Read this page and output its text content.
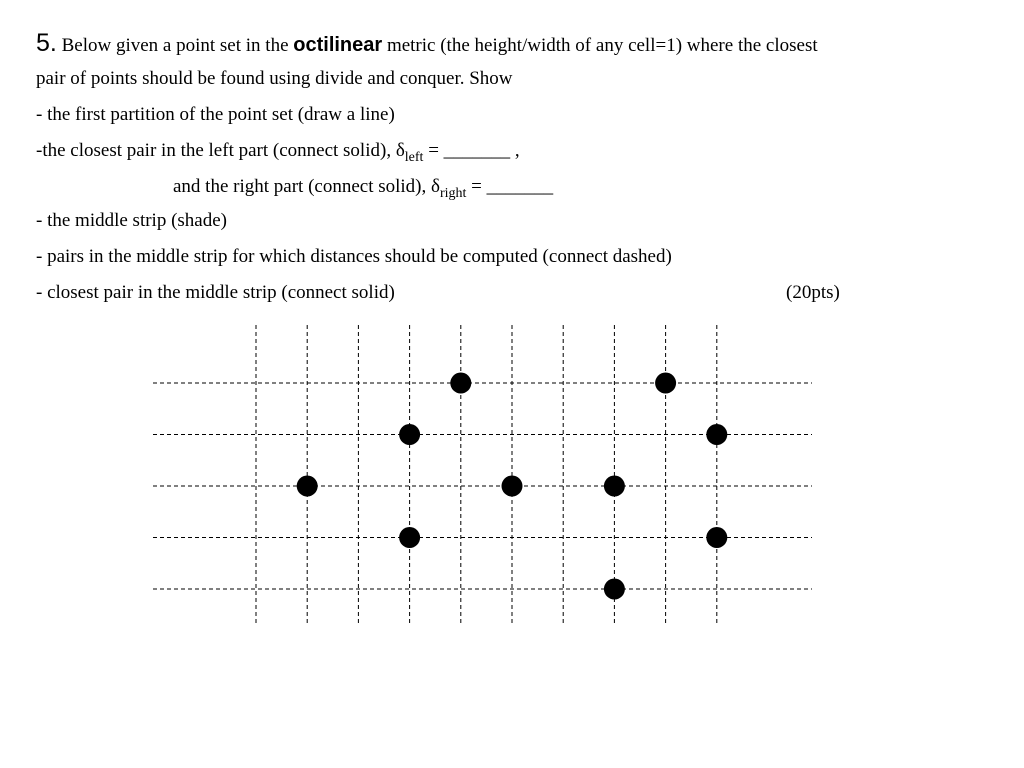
5. Below given a point set in the octilinear metric (the height/width of any cell=1) where the closest
pair of points should be found using divide and conquer. Show
- the first partition of the point set (draw a line)
-the closest pair in the left part (connect solid), $\delta_{left}$ = _______ ,
and the right part (connect solid), $\delta_{right}$ = _______
- the middle strip (shade)
- pairs in the middle strip for which distances should be computed (connect dashed)
- closest pair in the middle strip (connect solid)	(20pts)
